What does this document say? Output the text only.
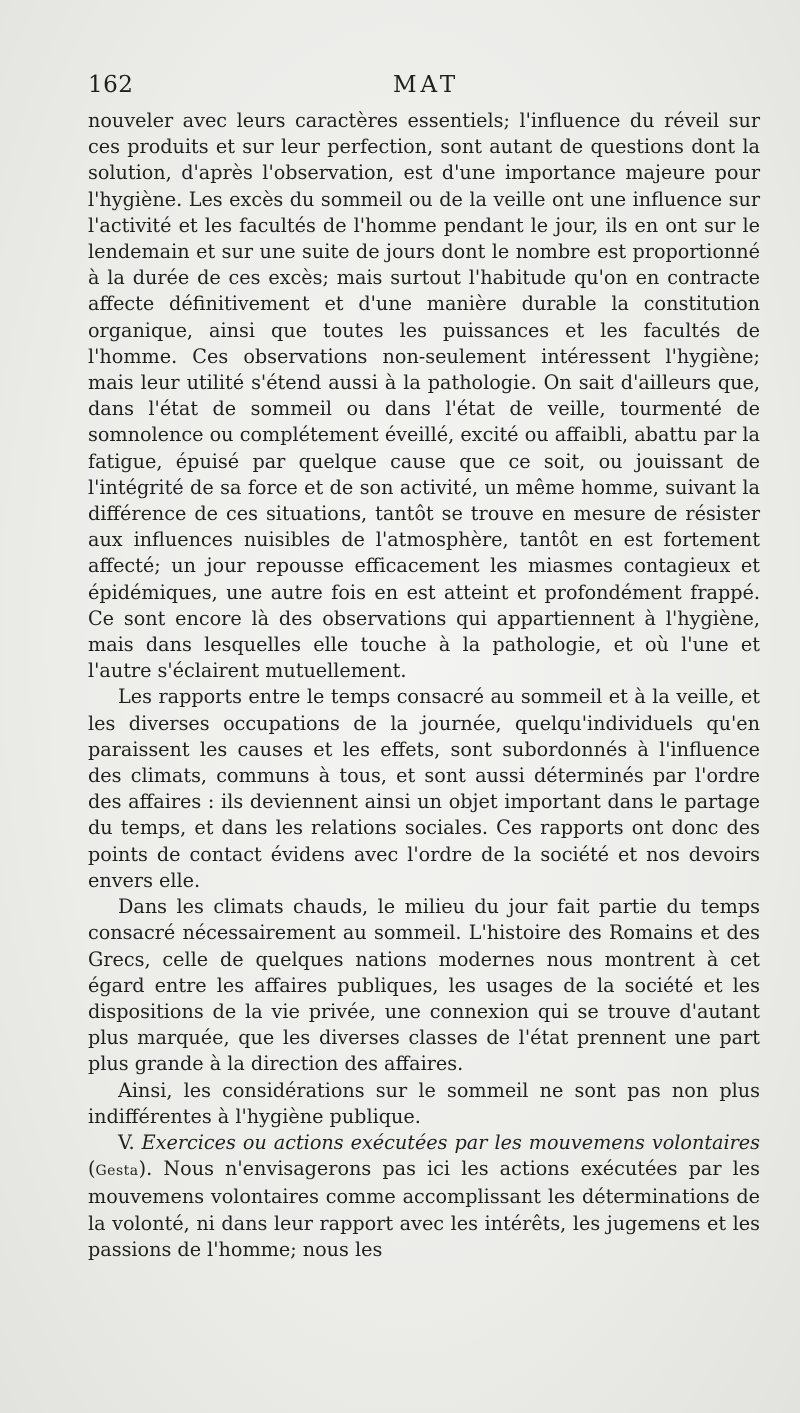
162	MAT

nouveler avec leurs caractères essentiels; l'influence du réveil sur ces produits et sur leur perfection, sont autant de questions dont la solution, d'après l'observation, est d'une importance majeure pour l'hygiène. Les excès du sommeil ou de la veille ont une influence sur l'activité et les facultés de l'homme pendant le jour, ils en ont sur le lendemain et sur une suite de jours dont le nombre est proportionné à la durée de ces excès; mais surtout l'habitude qu'on en contracte affecte définitivement et d'une manière durable la constitution organique, ainsi que toutes les puissances et les facultés de l'homme. Ces observations non-seulement intéressent l'hygiène; mais leur utilité s'étend aussi à la pathologie. On sait d'ailleurs que, dans l'état de sommeil ou dans l'état de veille, tourmenté de somnolence ou complétement éveillé, excité ou affaibli, abattu par la fatigue, épuisé par quelque cause que ce soit, ou jouissant de l'intégrité de sa force et de son activité, un même homme, suivant la différence de ces situations, tantôt se trouve en mesure de résister aux influences nuisibles de l'atmosphère, tantôt en est fortement affecté; un jour repousse efficacement les miasmes contagieux et épidémiques, une autre fois en est atteint et profondément frappé. Ce sont encore là des observations qui appartiennent à l'hygiène, mais dans lesquelles elle touche à la pathologie, et où l'une et l'autre s'éclairent mutuellement.

Les rapports entre le temps consacré au sommeil et à la veille, et les diverses occupations de la journée, quelqu'individuels qu'en paraissent les causes et les effets, sont subordonnés à l'influence des climats, communs à tous, et sont aussi déterminés par l'ordre des affaires : ils deviennent ainsi un objet important dans le partage du temps, et dans les relations sociales. Ces rapports ont donc des points de contact évidens avec l'ordre de la société et nos devoirs envers elle.

Dans les climats chauds, le milieu du jour fait partie du temps consacré nécessairement au sommeil. L'histoire des Romains et des Grecs, celle de quelques nations modernes nous montrent à cet égard entre les affaires publiques, les usages de la société et les dispositions de la vie privée, une connexion qui se trouve d'autant plus marquée, que les diverses classes de l'état prennent une part plus grande à la direction des affaires.

Ainsi, les considérations sur le sommeil ne sont pas non plus indifférentes à l'hygiène publique.

V. Exercices ou actions exécutées par les mouvemens volontaires (Gesta). Nous n'envisagerons pas ici les actions exécutées par les mouvemens volontaires comme accomplissant les déterminations de la volonté, ni dans leur rapport avec les intérêts, les jugemens et les passions de l'homme; nous les
